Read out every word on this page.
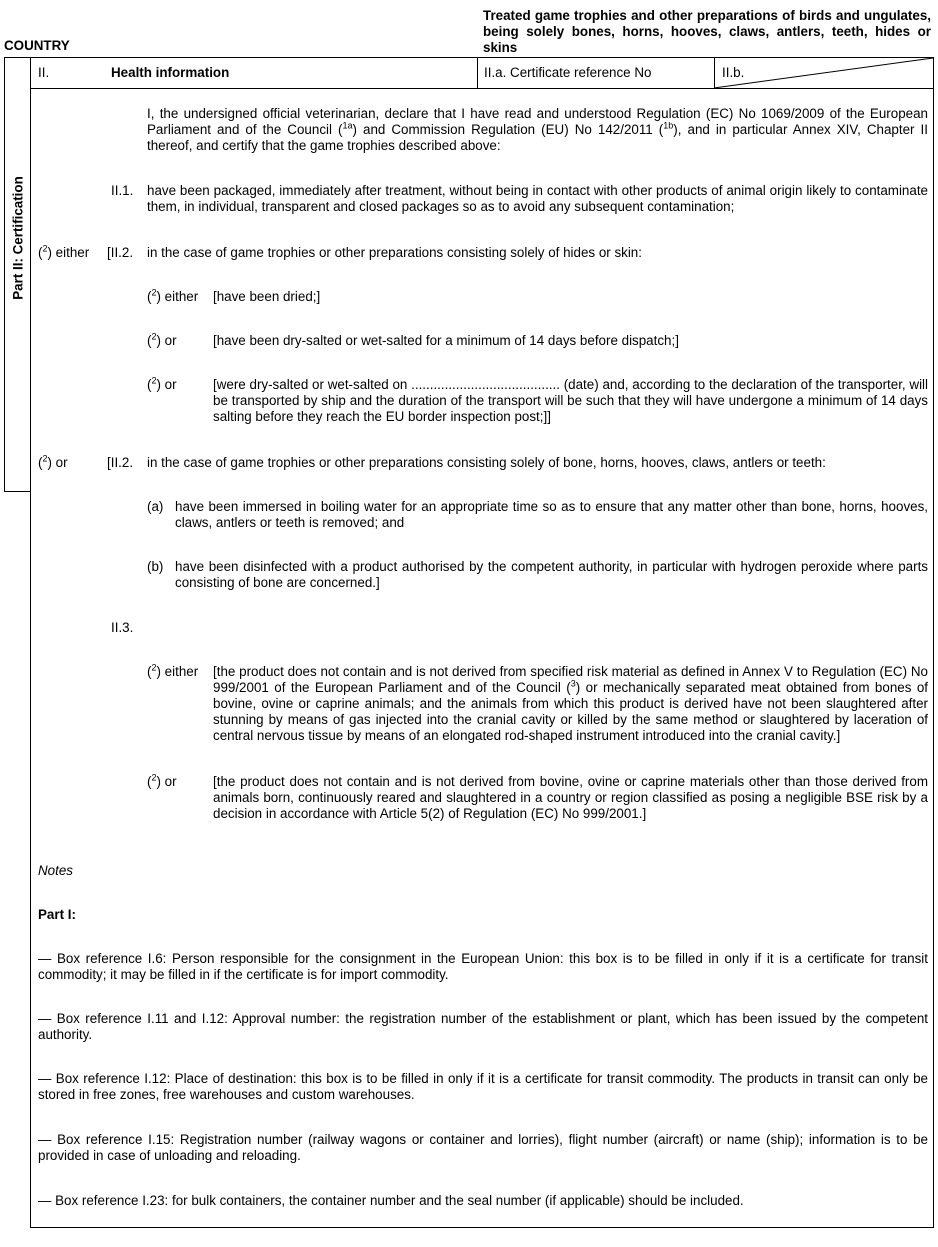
COUNTRY
Treated game trophies and other preparations of birds and ungulates, being solely bones, horns, hooves, claws, antlers, teeth, hides or skins
Part II: Certification
II.	Health information	II.a. Certificate reference No	II.b.
I, the undersigned official veterinarian, declare that I have read and understood Regulation (EC) No 1069/2009 of the European Parliament and of the Council ($^{1a}$) and Commission Regulation (EU) No 142/2011 ($^{1b}$), and in particular Annex XIV, Chapter II thereof, and certify that the game trophies described above:
II.1. have been packaged, immediately after treatment, without being in contact with other products of animal origin likely to contaminate them, in individual, transparent and closed packages so as to avoid any subsequent contamination;
($^2$) either [II.2. in the case of game trophies or other preparations consisting solely of hides or skin:
($^2$) either [have been dried;]
($^2$) or	[have been dry-salted or wet-salted for a minimum of 14 days before dispatch;]
($^2$) or	[were dry-salted or wet-salted on ........................................ (date) and, according to the declaration of the transporter, will be transported by ship and the duration of the transport will be such that they will have undergone a minimum of 14 days salting before they reach the EU border inspection post;]]
($^2$) or	[II.2. in the case of game trophies or other preparations consisting solely of bone, horns, hooves, claws, antlers or teeth:
(a) have been immersed in boiling water for an appropriate time so as to ensure that any matter other than bone, horns, hooves, claws, antlers or teeth is removed; and
(b) have been disinfected with a product authorised by the competent authority, in particular with hydrogen peroxide where parts consisting of bone are concerned.]
II.3.
($^2$) either [the product does not contain and is not derived from specified risk material as defined in Annex V to Regulation (EC) No 999/2001 of the European Parliament and of the Council ($^3$) or mechanically separated meat obtained from bones of bovine, ovine or caprine animals; and the animals from which this product is derived have not been slaughtered after stunning by means of gas injected into the cranial cavity or killed by the same method or slaughtered by laceration of central nervous tissue by means of an elongated rod-shaped instrument introduced into the cranial cavity.]
($^2$) or	[the product does not contain and is not derived from bovine, ovine or caprine materials other than those derived from animals born, continuously reared and slaughtered in a country or region classified as posing a negligible BSE risk by a decision in accordance with Article 5(2) of Regulation (EC) No 999/2001.]
Notes
Part I:
— Box reference I.6: Person responsible for the consignment in the European Union: this box is to be filled in only if it is a certificate for transit commodity; it may be filled in if the certificate is for import commodity.
— Box reference I.11 and I.12: Approval number: the registration number of the establishment or plant, which has been issued by the competent authority.
— Box reference I.12: Place of destination: this box is to be filled in only if it is a certificate for transit commodity. The products in transit can only be stored in free zones, free warehouses and custom warehouses.
— Box reference I.15: Registration number (railway wagons or container and lorries), flight number (aircraft) or name (ship); information is to be provided in case of unloading and reloading.
— Box reference I.23: for bulk containers, the container number and the seal number (if applicable) should be included.
